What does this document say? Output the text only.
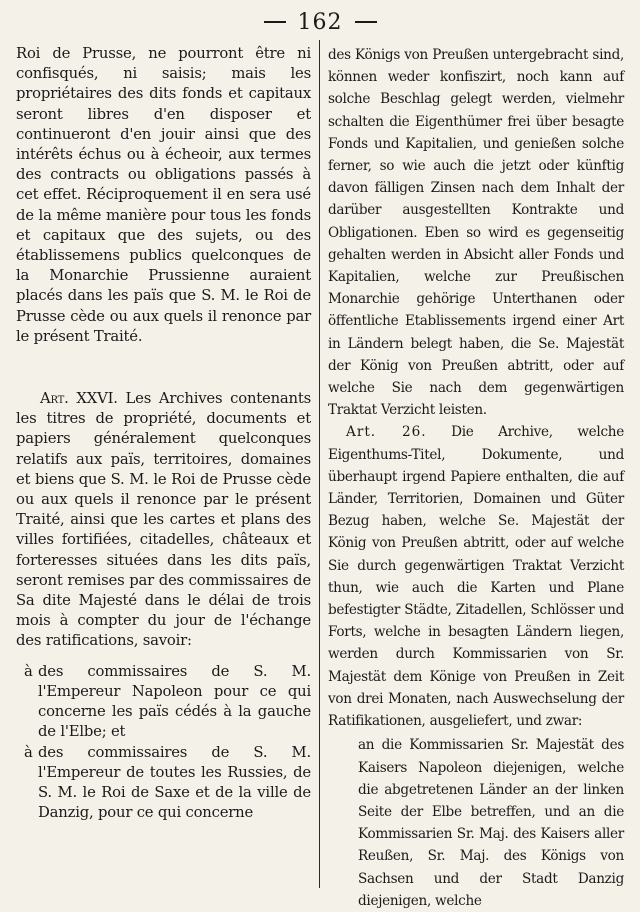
162

Roi de Prusse, ne pourront être ni confisqués, ni saisis; mais les propriétaires des dits fonds et capitaux seront libres d'en disposer et continueront d'en jouir ainsi que des intérêts échus ou à écheoir, aux termes des contracts ou obligations passés à cet effet. Réciproquement il en sera usé de la même manière pour tous les fonds et capitaux que des sujets, ou des établissemens publics quelconques de la Monarchie Prussienne auraient placés dans les païs que S. M. le Roi de Prusse cède ou aux quels il renonce par le présent Traité.

Art. XXVI. Les Archives contenants les titres de propriété, documents et papiers généralement quelconques relatifs aux païs, territoires, domaines et biens que S. M. le Roi de Prusse cède ou aux quels il renonce par le présent Traité, ainsi que les cartes et plans des villes fortifiées, citadelles, châteaux et forteresses situées dans les dits païs, seront remises par des commissaires de Sa dite Majesté dans le délai de trois mois à compter du jour de l'échange des ratifications, savoir:

à des commissaires de S. M. l'Empereur Napoleon pour ce qui concerne les païs cédés à la gauche de l'Elbe; et
à des commissaires de S. M. l'Empereur de toutes les Russies, de S. M. le Roi de Saxe et de la ville de Danzig, pour ce qui concerne

des Königs von Preußen untergebracht sind, können weder konfiszirt, noch kann auf solche Beschlag gelegt werden, vielmehr schalten die Eigenthümer frei über besagte Fonds und Kapitalien, und genießen solche ferner, so wie auch die jetzt oder künftig davon fälligen Zinsen nach dem Inhalt der darüber ausgestellten Kontrakte und Obligationen. Eben so wird es gegenseitig gehalten werden in Absicht aller Fonds und Kapitalien, welche zur Preußischen Monarchie gehörige Unterthanen oder öffentliche Etablissements irgend einer Art in Ländern belegt haben, die Se. Majestät der König von Preußen abtritt, oder auf welche Sie nach dem gegenwärtigen Traktat Verzicht leisten.

Art. 26. Die Archive, welche Eigenthums-Titel, Dokumente, und überhaupt irgend Papiere enthalten, die auf Länder, Territorien, Domainen und Güter Bezug haben, welche Se. Majestät der König von Preußen abtritt, oder auf welche Sie durch gegenwärtigen Traktat Verzicht thun, wie auch die Karten und Plane befestigter Städte, Zitadellen, Schlösser und Forts, welche in besagten Ländern liegen, werden durch Kommissarien von Sr. Majestät dem Könige von Preußen in Zeit von drei Monaten, nach Auswechselung der Ratifikationen, ausgeliefert, und zwar:

an die Kommissarien Sr. Majestät des Kaisers Napoleon diejenigen, welche die abgetretenen Länder an der linken Seite der Elbe betreffen, und an die Kommissarien Sr. Maj. des Kaisers aller Reußen, Sr. Maj. des Königs von Sachsen und der Stadt Danzig diejenigen, welche
